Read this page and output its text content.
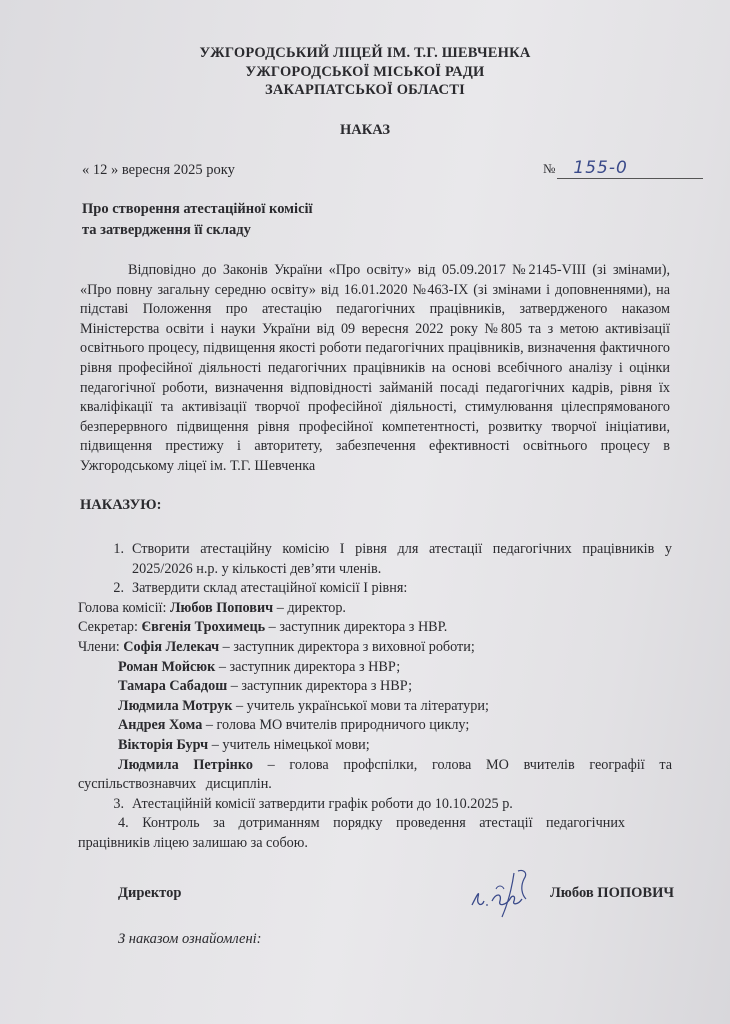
УЖГОРОДСЬКИЙ ЛІЦЕЙ ІМ. Т.Г. ШЕВЧЕНКА
УЖГОРОДСЬКОЇ МІСЬКОЇ РАДИ
ЗАКАРПАТСЬКОЇ ОБЛАСТІ
НАКАЗ
« 12 » вересня 2025 року	№	155-0
Про створення атестаційної комісії
та затвердження її складу
Відповідно до Законів України «Про освіту» від 05.09.2017 №2145-VIII (зі змінами), «Про повну загальну середню освіту» від 16.01.2020 №463-IX (зі змінами і доповненнями), на підставі Положення про атестацію педагогічних працівників, затвердженого наказом Міністерства освіти і науки України від 09 вересня 2022 року №805 та з метою активізації освітнього процесу, підвищення якості роботи педагогічних працівників, визначення фактичного рівня професійної діяльності педагогічних працівників на основі всебічного аналізу і оцінки педагогічної роботи, визначення відповідності займаній посаді педагогічних кадрів, рівня їх кваліфікації та активізації творчої професійної діяльності, стимулювання цілеспрямованого безперервного підвищення рівня професійної компетентності, розвитку творчої ініціативи, підвищення престижу і авторитету, забезпечення ефективності освітнього процесу в Ужгородському ліцеї ім. Т.Г. Шевченка
НАКАЗУЮ:
1. Створити атестаційну комісію І рівня для атестації педагогічних працівників у 2025/2026 н.р. у кількості дев’яти членів.
2. Затвердити склад атестаційної комісії І рівня:
Голова комісії: Любов Попович – директор.
Секретар: Євгенія Трохимець – заступник директора з НВР.
Члени: Софія Лелекач – заступник директора з виховної роботи;
Роман Мойсюк – заступник директора з НВР;
Тамара Сабадош – заступник директора з НВР;
Людмила Мотрук – учитель української мови та літератури;
Андрея Хома – голова МО вчителів природничого циклу;
Вікторія Бурч – учитель німецької мови;
Людмила Петрінко – голова профспілки, голова МО вчителів географії та суспільствознавчих дисциплін.
3. Атестаційній комісії затвердити графік роботи до 10.10.2025 р.
4. Контроль за дотриманням порядку проведення атестації педагогічних
працівників ліцею залишаю за собою.
Директор	Любов ПОПОВИЧ
З наказом ознайомлені:
